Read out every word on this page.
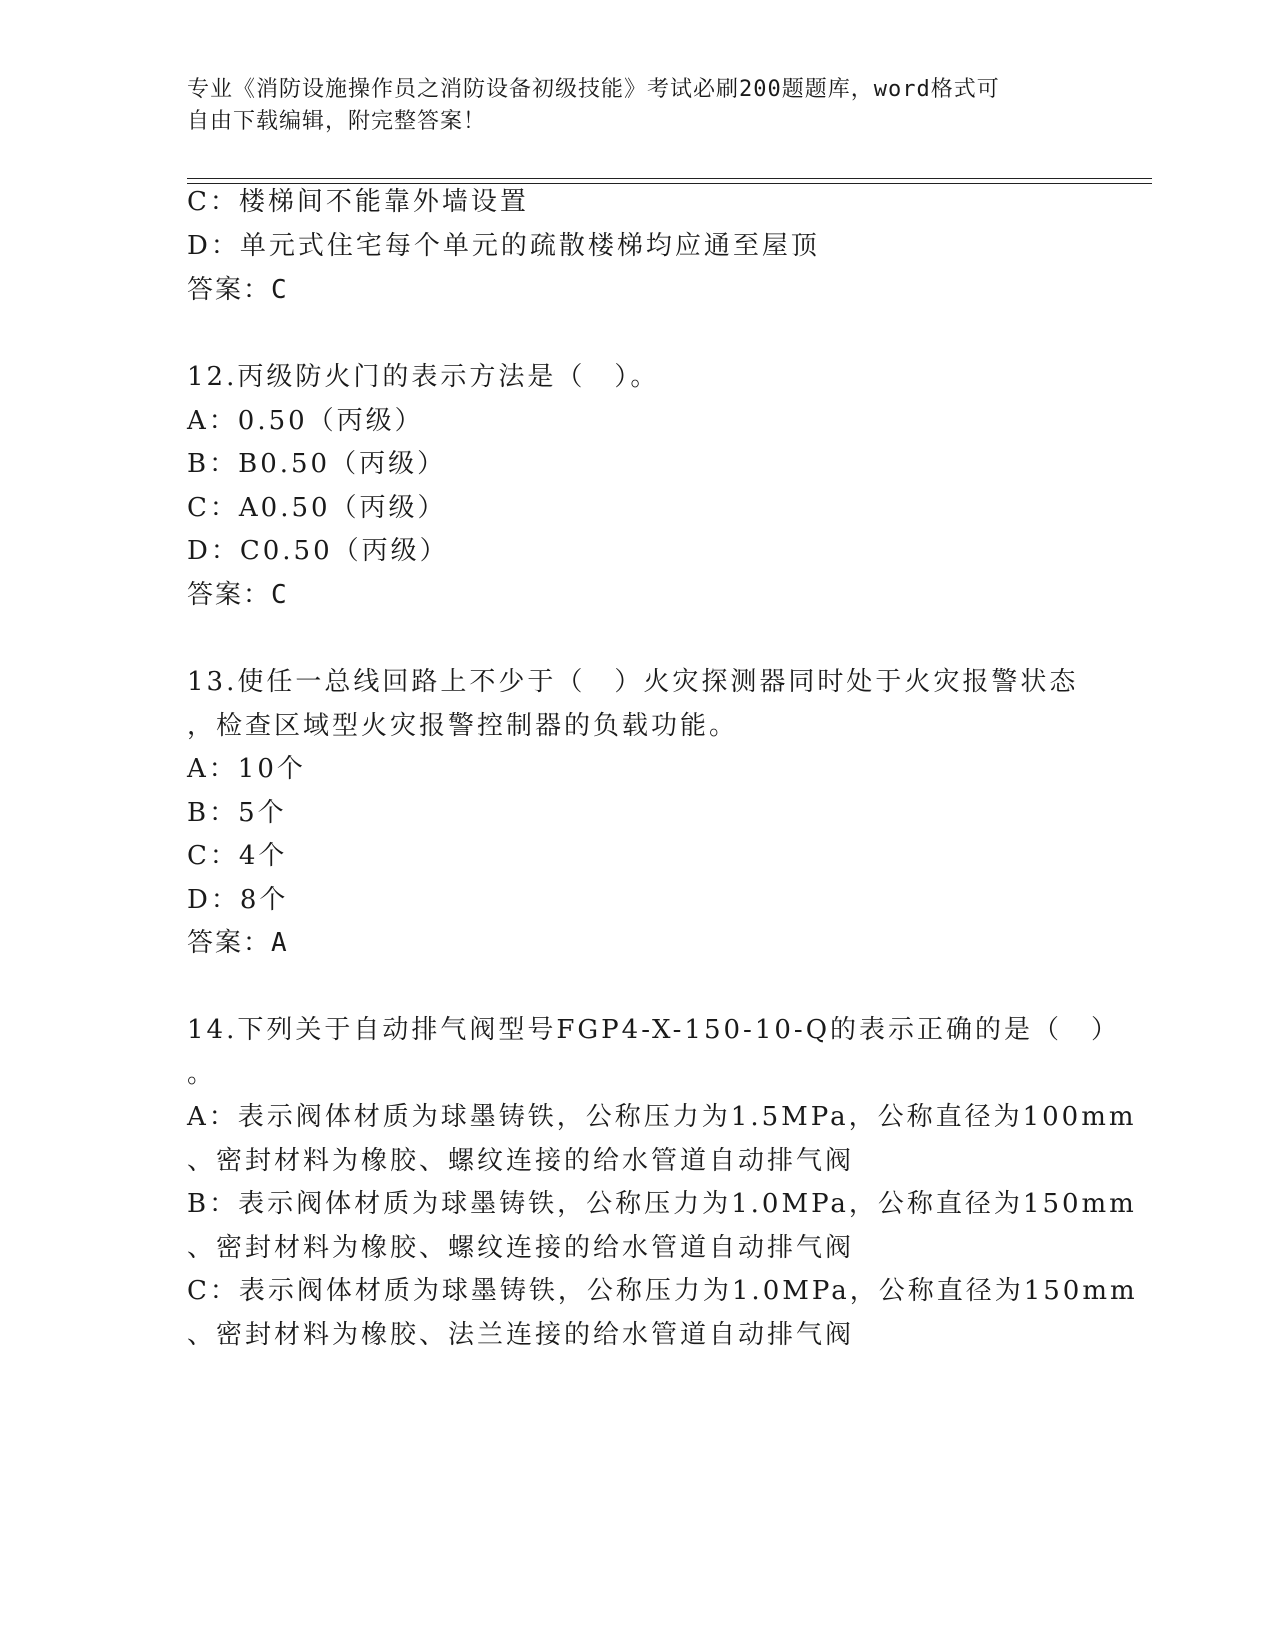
专业《消防设施操作员之消防设备初级技能》考试必刷200题题库，word格式可
自由下载编辑，附完整答案！
C：楼梯间不能靠外墙设置
D：单元式住宅每个单元的疏散楼梯均应通至屋顶
答案：C
12.丙级防火门的表示方法是（　）。
A：0.50（丙级）
B：B0.50（丙级）
C：A0.50（丙级）
D：C0.50（丙级）
答案：C
13.使任一总线回路上不少于（　）火灾探测器同时处于火灾报警状态
，检查区域型火灾报警控制器的负载功能。
A：10个
B：5个
C：4个
D：8个
答案：A
14.下列关于自动排气阀型号FGP4-X-150-10-Q的表示正确的是（　）
。
A：表示阀体材质为球墨铸铁，公称压力为1.5MPa，公称直径为100mm
、密封材料为橡胶、螺纹连接的给水管道自动排气阀
B：表示阀体材质为球墨铸铁，公称压力为1.0MPa，公称直径为150mm
、密封材料为橡胶、螺纹连接的给水管道自动排气阀
C：表示阀体材质为球墨铸铁，公称压力为1.0MPa，公称直径为150mm
、密封材料为橡胶、法兰连接的给水管道自动排气阀
